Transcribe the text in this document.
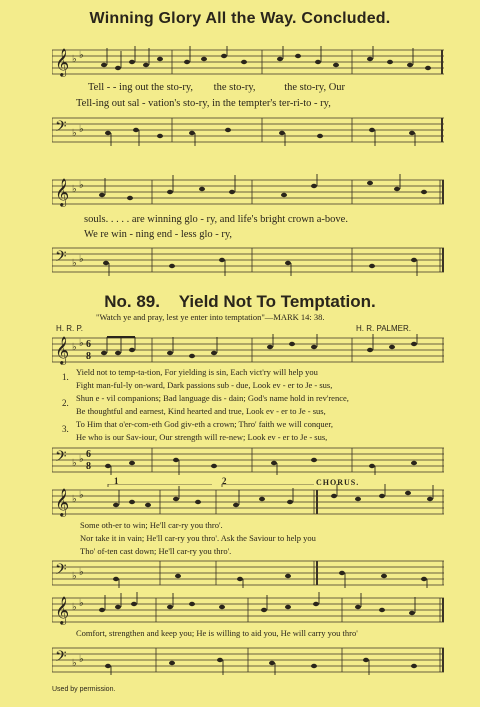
Winning Glory All the Way. Concluded.
𝄞 ♭ ♭
Tell - - ing out the sto-ry, the sto-ry,	the sto-ry, Our
Tell-ing out sal - vation's sto-ry, in the tempter's ter-ri-to - ry,
𝄢 ♭ ♭
𝄞 ♭ ♭
souls. . . . . are winning glo - ry, and life's bright crown a-bove.
We re win - ning end - less glo - ry,
𝄢 ♭ ♭
No. 89. Yield Not To Temptation.
"Watch ye and pray, lest ye enter into temptation"—MARK 14: 38.
H. R. P.	H. R. PALMER.
𝄞 ♭ ♭ 6
8
1.
2.
3.
Yield not to temp-ta-tion, For yielding is sin, Each vict'ry will help you
Fight man-ful-ly on-ward, Dark passions sub - due, Look ev - er to Je - sus,
Shun e - vil companions; Bad language dis - dain; God's name hold in rev'rence,
Be thoughtful and earnest, Kind hearted and true, Look ev - er to Je - sus,
To Him that o'er-com-eth God giv-eth a crown; Thro' faith we will conquer,
He who is our Sav-iour, Our strength will re-new; Look ev - er to Je - sus,
𝄢 ♭ ♭ 6
8
1	2	CHORUS.
𝄞 ♭ ♭
Some oth-er to win; He'll car-ry you thro'.
Nor take it in vain; He'll car-ry you thro'. Ask the Saviour to help you
Tho' of-ten cast down; He'll car-ry you thro'.
𝄢 ♭ ♭
𝄞 ♭ ♭
Comfort, strengthen and keep you; He is willing to aid you, He will carry you thro'
𝄢 ♭ ♭
Used by permission.
